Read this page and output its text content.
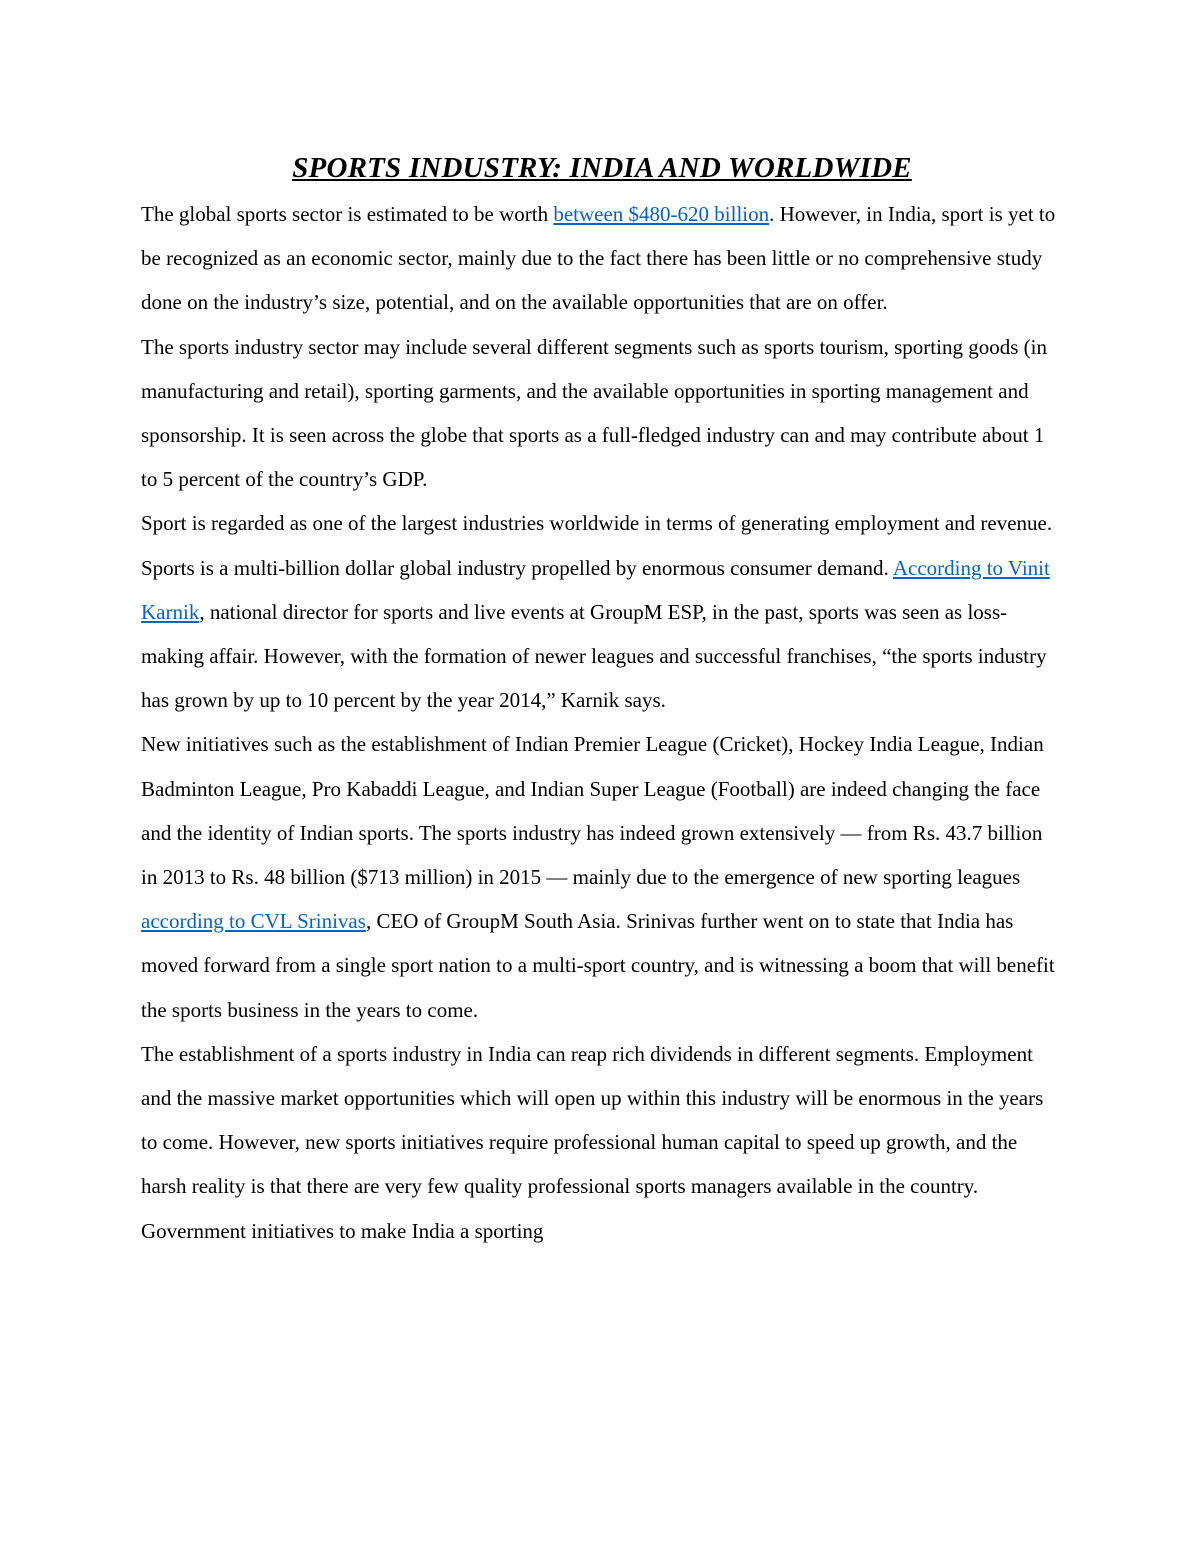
SPORTS INDUSTRY: INDIA AND WORLDWIDE

The global sports sector is estimated to be worth between $480-620 billion. However, in India, sport is yet to be recognized as an economic sector, mainly due to the fact there has been little or no comprehensive study done on the industry’s size, potential, and on the available opportunities that are on offer.

The sports industry sector may include several different segments such as sports tourism, sporting goods (in manufacturing and retail), sporting garments, and the available opportunities in sporting management and sponsorship. It is seen across the globe that sports as a full-fledged industry can and may contribute about 1 to 5 percent of the country’s GDP.

Sport is regarded as one of the largest industries worldwide in terms of generating employment and revenue. Sports is a multi-billion dollar global industry propelled by enormous consumer demand. According to Vinit Karnik, national director for sports and live events at GroupM ESP, in the past, sports was seen as loss-making affair. However, with the formation of newer leagues and successful franchises, “the sports industry has grown by up to 10 percent by the year 2014,” Karnik says.

New initiatives such as the establishment of Indian Premier League (Cricket), Hockey India League, Indian Badminton League, Pro Kabaddi League, and Indian Super League (Football) are indeed changing the face and the identity of Indian sports. The sports industry has indeed grown extensively — from Rs. 43.7 billion in 2013 to Rs. 48 billion ($713 million) in 2015 — mainly due to the emergence of new sporting leagues according to CVL Srinivas, CEO of GroupM South Asia. Srinivas further went on to state that India has moved forward from a single sport nation to a multi-sport country, and is witnessing a boom that will benefit the sports business in the years to come.

The establishment of a sports industry in India can reap rich dividends in different segments. Employment and the massive market opportunities which will open up within this industry will be enormous in the years to come. However, new sports initiatives require professional human capital to speed up growth, and the harsh reality is that there are very few quality professional sports managers available in the country. Government initiatives to make India a sporting
